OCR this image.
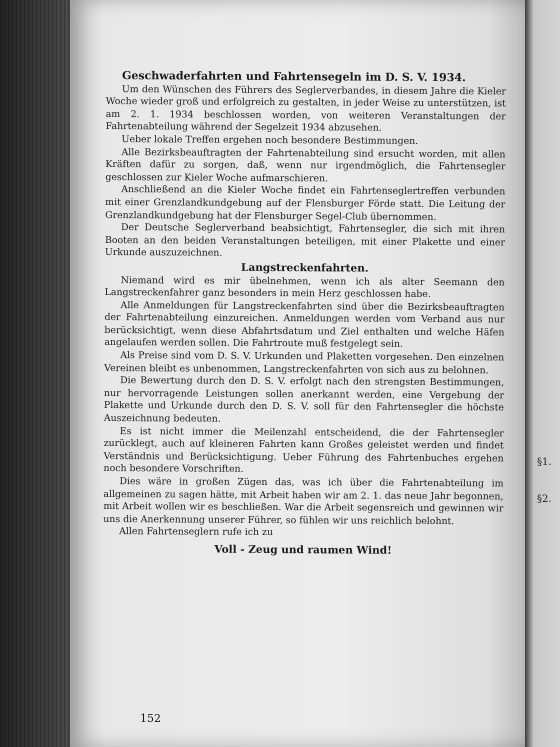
Geschwaderfahrten und Fahrtensegeln im D. S. V. 1934.

Um den Wünschen des Führers des Seglerverbandes, in diesem Jahre die Kieler Woche wieder groß und erfolgreich zu gestalten, in jeder Weise zu unterstützen, ist am 2. 1. 1934 beschlossen worden, von weiteren Veranstaltungen der Fahrtenabteilung während der Segelzeit 1934 abzusehen.

Ueber lokale Treffen ergehen noch besondere Bestimmungen.

Alle Bezirksbeauftragten der Fahrtenabteilung sind ersucht worden, mit allen Kräften dafür zu sorgen, daß, wenn nur irgendmöglich, die Fahrtensegler geschlossen zur Kieler Woche aufmarschieren.

Anschließend an die Kieler Woche findet ein Fahrtenseglertreffen verbunden mit einer Grenzlandkundgebung auf der Flensburger Förde statt. Die Leitung der Grenzlandkundgebung hat der Flensburger Segel-Club übernommen.

Der Deutsche Seglerverband beabsichtigt, Fahrtensegler, die sich mit ihren Booten an den beiden Veranstaltungen beteiligen, mit einer Plakette und einer Urkunde auszuzeichnen.

Langstreckenfahrten.

Niemand wird es mir übelnehmen, wenn ich als alter Seemann den Langstreckenfahrer ganz besonders in mein Herz geschlossen habe.

Alle Anmeldungen für Langstreckenfahrten sind über die Bezirksbeauftragten der Fahrtenabteilung einzureichen. Anmeldungen werden vom Verband aus nur berücksichtigt, wenn diese Abfahrtsdatum und Ziel enthalten und welche Häfen angelaufen werden sollen. Die Fahrtroute muß festgelegt sein.

Als Preise sind vom D. S. V. Urkunden und Plaketten vorgesehen. Den einzelnen Vereinen bleibt es unbenommen, Langstreckenfahrten von sich aus zu belohnen.

Die Bewertung durch den D. S. V. erfolgt nach den strengsten Bestimmungen, nur hervorragende Leistungen sollen anerkannt werden, eine Vergebung der Plakette und Urkunde durch den D. S. V. soll für den Fahrtensegler die höchste Auszeichnung bedeuten.

Es ist nicht immer die Meilenzahl entscheidend, die der Fahrtensegler zurücklegt, auch auf kleineren Fahrten kann Großes geleistet werden und findet Verständnis und Berücksichtigung. Ueber Führung des Fahrtenbuches ergehen noch besondere Vorschriften.

Dies wäre in großen Zügen das, was ich über die Fahrtenabteilung im allgemeinen zu sagen hätte, mit Arbeit haben wir am 2. 1. das neue Jahr begonnen, mit Arbeit wollen wir es beschließen. War die Arbeit segensreich und gewinnen wir uns die Anerkennung unserer Führer, so fühlen wir uns reichlich belohnt.

Allen Fahrtenseglern rufe ich zu

Voll - Zeug und raumen Wind!
152
§1.
§2.
